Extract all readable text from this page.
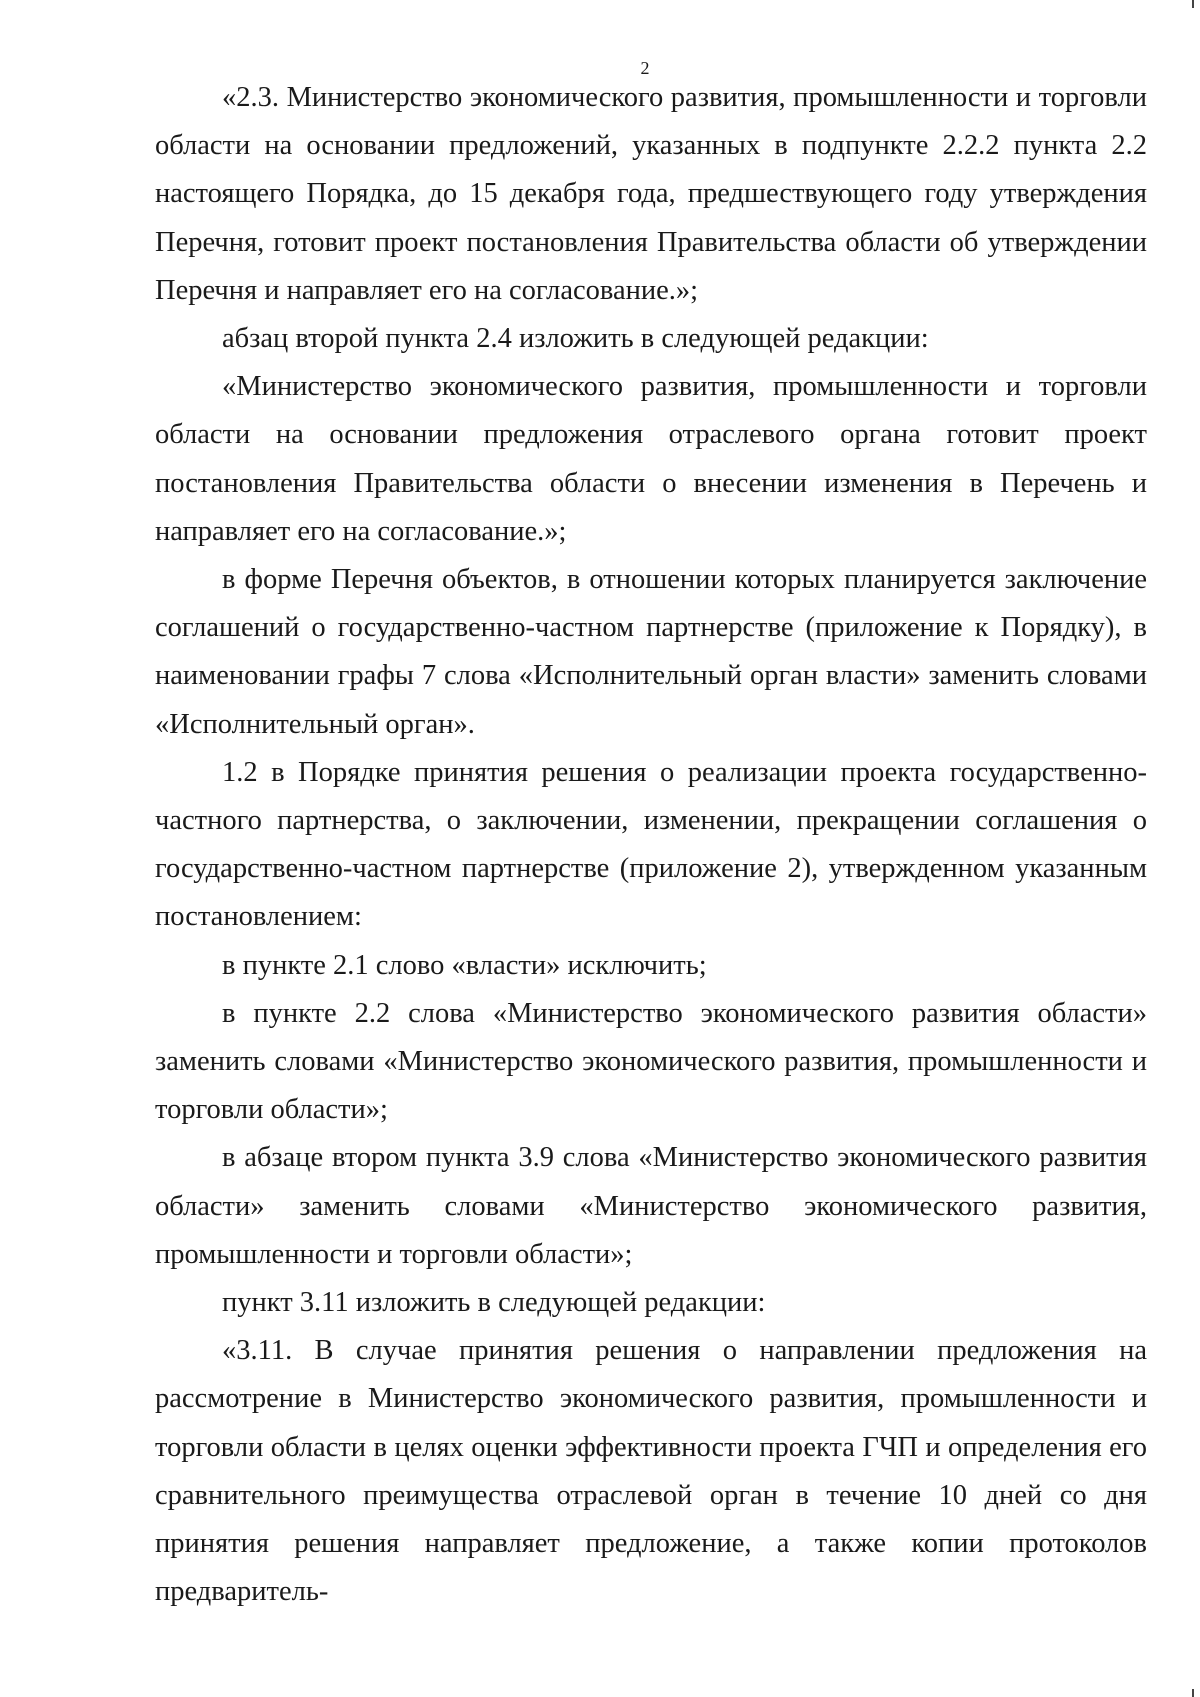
2

«2.3. Министерство экономического развития, промышленности и торговли области на основании предложений, указанных в подпункте 2.2.2 пункта 2.2 настоящего Порядка, до 15 декабря года, предшествующего году утверждения Перечня, готовит проект постановления Правительства области об утверждении Перечня и направляет его на согласование.»;

абзац второй пункта 2.4 изложить в следующей редакции:

«Министерство экономического развития, промышленности и торговли области на основании предложения отраслевого органа готовит проект постановления Правительства области о внесении изменения в Перечень и направляет его на согласование.»;

в форме Перечня объектов, в отношении которых планируется заключение соглашений о государственно-частном партнерстве (приложение к Порядку), в наименовании графы 7 слова «Исполнительный орган власти» заменить словами «Исполнительный орган».

1.2 в Порядке принятия решения о реализации проекта государственно-частного партнерства, о заключении, изменении, прекращении соглашения о государственно-частном партнерстве (приложение 2), утвержденном указанным постановлением:

в пункте 2.1 слово «власти» исключить;

в пункте 2.2 слова «Министерство экономического развития области» заменить словами «Министерство экономического развития, промышленности и торговли области»;

в абзаце втором пункта 3.9 слова «Министерство экономического развития области» заменить словами «Министерство экономического развития, промышленности и торговли области»;

пункт 3.11 изложить в следующей редакции:

«3.11. В случае принятия решения о направлении предложения на рассмотрение в Министерство экономического развития, промышленности и торговли области в целях оценки эффективности проекта ГЧП и определения его сравнительного преимущества отраслевой орган в течение 10 дней со дня принятия решения направляет предложение, а также копии протоколов предваритель-
